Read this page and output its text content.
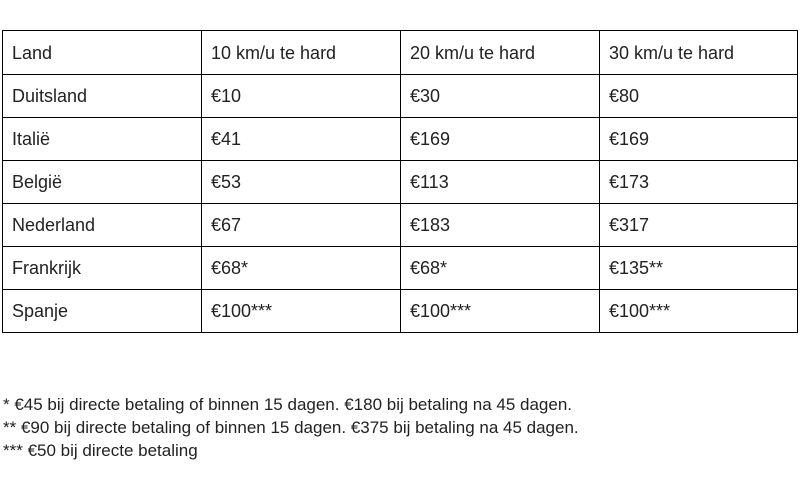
Land	10 km/u te hard	20 km/u te hard	30 km/u te hard
Duitsland	€10	€30	€80
Italië	€41	€169	€169
België	€53	€113	€173
Nederland	€67	€183	€317
Frankrijk	€68*	€68*	€135**
Spanje	€100***	€100***	€100***
* €45 bij directe betaling of binnen 15 dagen. €180 bij betaling na 45 dagen.
** €90 bij directe betaling of binnen 15 dagen. €375 bij betaling na 45 dagen.
*** €50 bij directe betaling
